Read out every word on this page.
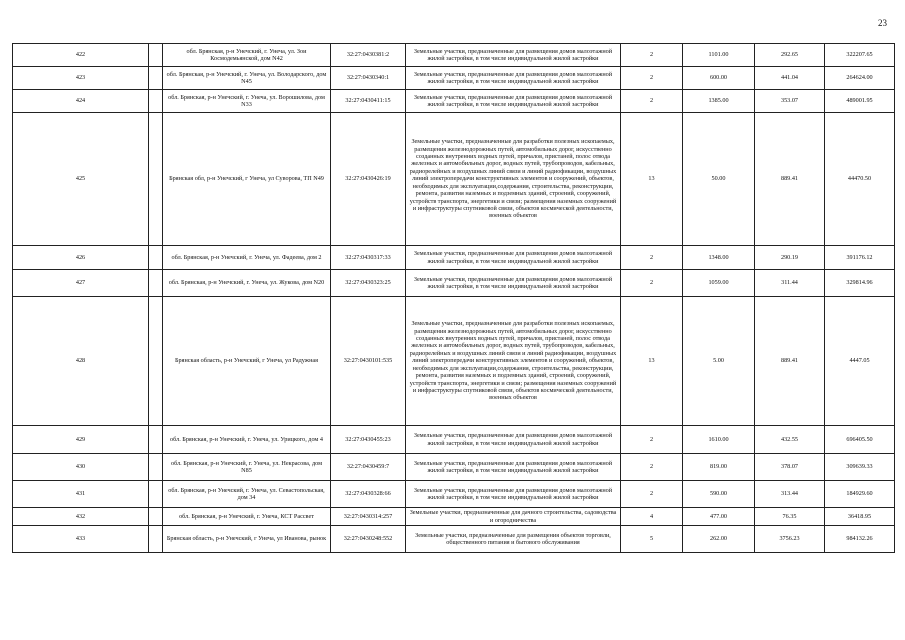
23
422		обл. Брянская, р-н Унечский, г. Унеча, ул. Зои Космодемьянской, дом N42	32:27:0430381:2	Земельные участки, предназначенные для размещения домов малоэтажной жилой застройки, в том числе индивидуальной жилой застройки	2	1101.00	292.65	322207.65
423		обл. Брянская, р-н Унечский, г. Унеча, ул. Володарского, дом N45	32:27:0430340:1	Земельные участки, предназначенные для размещения домов малоэтажной жилой застройки, в том числе индивидуальной жилой застройки	2	600.00	441.04	264624.00
424		обл. Брянская, р-н Унечский, г. Унеча, ул. Ворошилова, дом N33	32:27:0430411:15	Земельные участки, предназначенные для размещения домов малоэтажной жилой застройки, в том числе индивидуальной жилой застройки	2	1385.00	353.07	489001.95
425		Брянская обл, р-н Унечский, г Унеча, ул Суворова, ТП N49	32:27:0430426:19	Земельные участки, предназначенные для разработки полезных ископаемых, размещения железнодорожных путей, автомобильных дорог, искусственно созданных внутренних водных путей, причалов, пристаней, полос отвода железных и автомобильных дорог, водных путей, трубопроводов, кабельных, радиорелейных и воздушных линий связи и линий радиофикации, воздушных линий электропередачи конструктивных элементов и сооружений, объектов, необходимых для эксплуатации,содержания, строительства, реконструкции, ремонта, развития наземных и подземных зданий, строений, сооружений, устройств транспорта, энергетики и связи; размещения наземных сооружений и инфраструктуры спутниковой связи, объектов космической деятельности, военных объектов	13	50.00	889.41	44470.50
426		обл. Брянская, р-н Унечский, г. Унеча, ул. Фадеева, дом 2	32:27:0430317:33	Земельные участки, предназначенные для размещения домов малоэтажной жилой застройки, в том числе индивидуальной жилой застройки	2	1348.00	290.19	391176.12
427		обл. Брянская, р-н Унечский, г. Унеча, ул. Жукова, дом N20	32:27:0430323:25	Земельные участки, предназначенные для размещения домов малоэтажной жилой застройки, в том числе индивидуальной жилой застройки	2	1059.00	311.44	329814.96
428		Брянская область, р-н Унечский, г Унеча, ул Радужная	32:27:0430101:535	Земельные участки, предназначенные для разработки полезных ископаемых, размещения железнодорожных путей, автомобильных дорог, искусственно созданных внутренних водных путей, причалов, пристаней, полос отвода железных и автомобильных дорог, водных путей, трубопроводов, кабельных, радиорелейных и воздушных линий связи и линий радиофикации, воздушных линий электропередачи конструктивных элементов и сооружений, объектов, необходимых для эксплуатации,содержания, строительства, реконструкции, ремонта, развития наземных и подземных зданий, строений, сооружений, устройств транспорта, энергетики и связи; размещения наземных сооружений и инфраструктуры спутниковой связи, объектов космической деятельности, военных объектов	13	5.00	889.41	4447.05
429		обл. Брянская, р-н Унечский, г. Унеча, ул. Урицкого, дом 4	32:27:0430455:23	Земельные участки, предназначенные для размещения домов малоэтажной жилой застройки, в том числе индивидуальной жилой застройки	2	1610.00	432.55	696405.50
430		обл. Брянская, р-н Унечский, г. Унеча, ул. Некрасова, дом N85	32:27:0430459:7	Земельные участки, предназначенные для размещения домов малоэтажной жилой застройки, в том числе индивидуальной жилой застройки	2	819.00	378.07	309639.33
431		обл. Брянская, р-н Унечский, г. Унеча, ул. Севастопольская, дом 34	32:27:0430328:66	Земельные участки, предназначенные для размещения домов малоэтажной жилой застройки, в том числе индивидуальной жилой застройки	2	590.00	313.44	184929.60
432		обл. Брянская, р-н Унечский, г. Унеча, КСТ Рассвет	32:27:0430314:257	Земельные участки, предназначенные для дачного строительства, садоводства и огородничества	4	477.00	76.35	36418.95
433		Брянская область, р-н Унечский, г Унеча, ул Иванова, рынок	32:27:0430248:552	Земельные участки, предназначенные для размещения объектов торговли, общественного питания и бытового обслуживания	5	262.00	3756.23	984132.26
